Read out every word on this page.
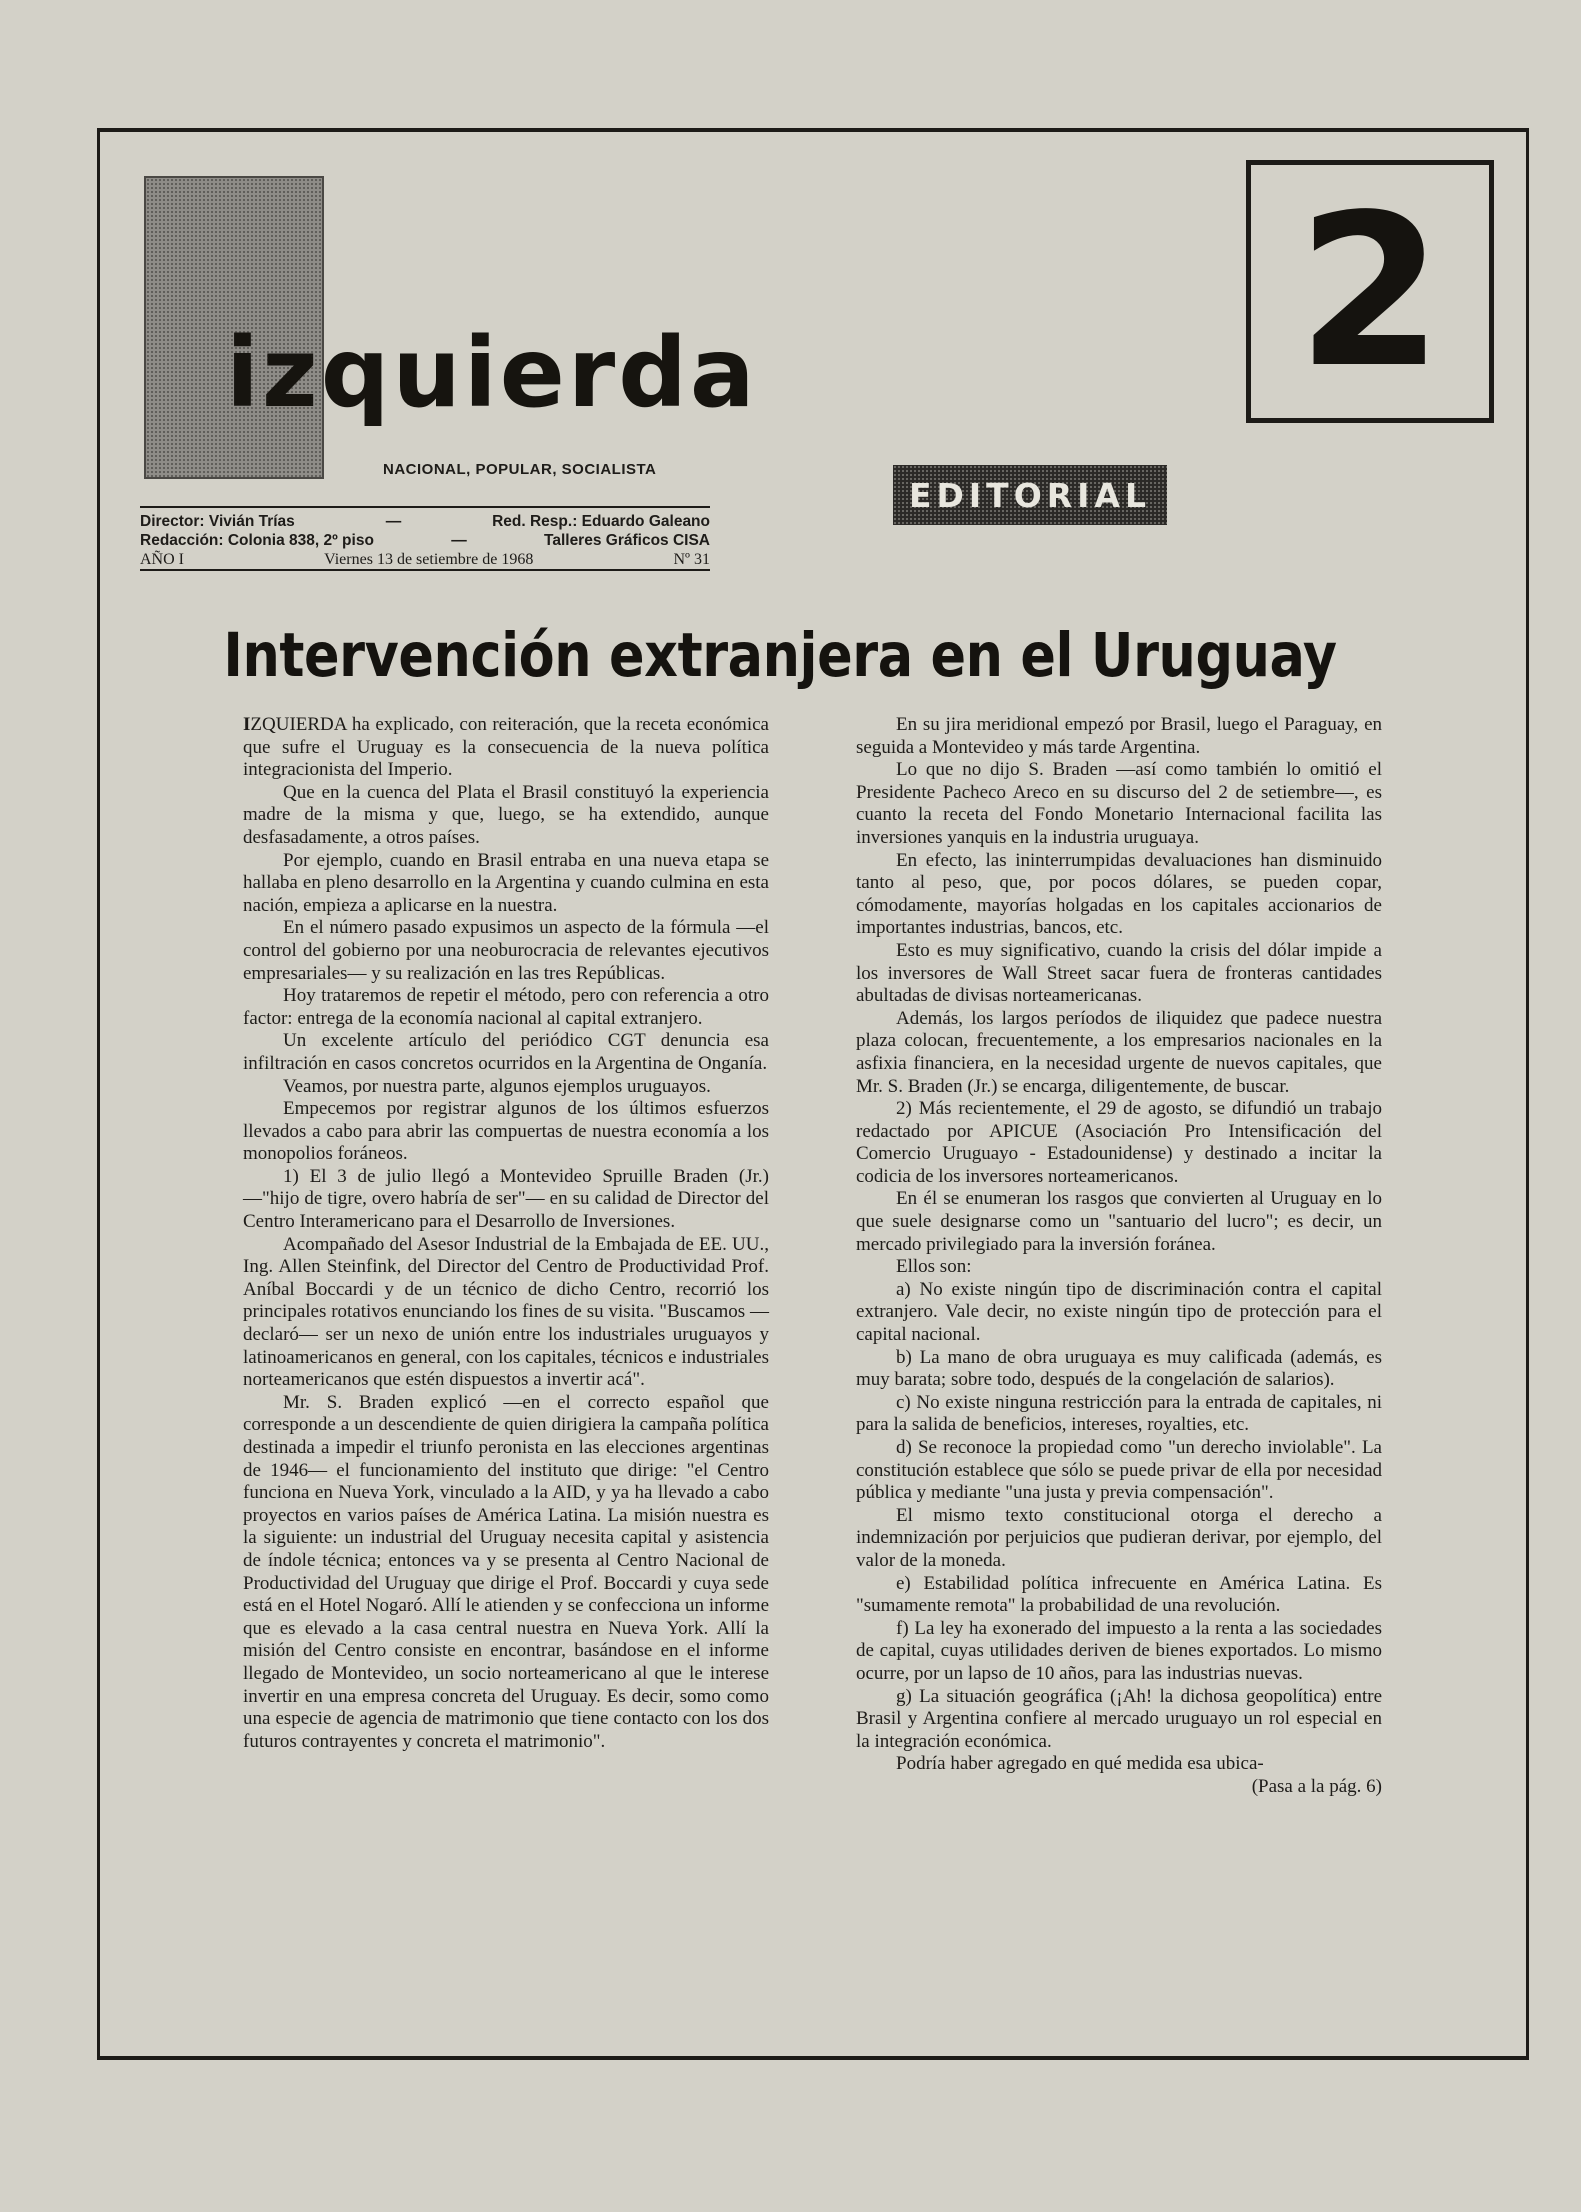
izquierda

NACIONAL, POPULAR, SOCIALISTA

Director: Vivián Trías	—	Red. Resp.: Eduardo Galeano
Redacción: Colonia 838, 2º piso	—	Talleres Gráficos CISA
AÑO I	Viernes 13 de setiembre de 1968	Nº 31
2
EDITORIAL
Intervención extranjera en el Uruguay

IZQUIERDA ha explicado, con reiteración, que la receta económica que sufre el Uruguay es la consecuencia de la nueva política integracionista del Imperio.

Que en la cuenca del Plata el Brasil constituyó la experiencia madre de la misma y que, luego, se ha extendido, aunque desfasadamente, a otros países.

Por ejemplo, cuando en Brasil entraba en una nueva etapa se hallaba en pleno desarrollo en la Argentina y cuando culmina en esta nación, empieza a aplicarse en la nuestra.

En el número pasado expusimos un aspecto de la fórmula —el control del gobierno por una neoburocracia de relevantes ejecutivos empresariales— y su realización en las tres Repúblicas.

Hoy trataremos de repetir el método, pero con referencia a otro factor: entrega de la economía nacional al capital extranjero.

Un excelente artículo del periódico CGT denuncia esa infiltración en casos concretos ocurridos en la Argentina de Onganía.

Veamos, por nuestra parte, algunos ejemplos uruguayos.

Empecemos por registrar algunos de los últimos esfuerzos llevados a cabo para abrir las compuertas de nuestra economía a los monopolios foráneos.

1) El 3 de julio llegó a Montevideo Spruille Braden (Jr.) —"hijo de tigre, overo habría de ser"— en su calidad de Director del Centro Interamericano para el Desarrollo de Inversiones.

Acompañado del Asesor Industrial de la Embajada de EE. UU., Ing. Allen Steinfink, del Director del Centro de Productividad Prof. Aníbal Boccardi y de un técnico de dicho Centro, recorrió los principales rotativos enunciando los fines de su visita. "Buscamos —declaró— ser un nexo de unión entre los industriales uruguayos y latinoamericanos en general, con los capitales, técnicos e industriales norteamericanos que estén dispuestos a invertir acá".

Mr. S. Braden explicó —en el correcto español que corresponde a un descendiente de quien dirigiera la campaña política destinada a impedir el triunfo peronista en las elecciones argentinas de 1946— el funcionamiento del instituto que dirige: "el Centro funciona en Nueva York, vinculado a la AID, y ya ha llevado a cabo proyectos en varios países de América Latina. La misión nuestra es la siguiente: un industrial del Uruguay necesita capital y asistencia de índole técnica; entonces va y se presenta al Centro Nacional de Productividad del Uruguay que dirige el Prof. Boccardi y cuya sede está en el Hotel Nogaró. Allí le atienden y se confecciona un informe que es elevado a la casa central nuestra en Nueva York. Allí la misión del Centro consiste en encontrar, basándose en el informe llegado de Montevideo, un socio norteamericano al que le interese invertir en una empresa concreta del Uruguay. Es decir, somo como una especie de agencia de matrimonio que tiene contacto con los dos futuros contrayentes y concreta el matrimonio".

En su jira meridional empezó por Brasil, luego el Paraguay, en seguida a Montevideo y más tarde Argentina.

Lo que no dijo S. Braden —así como también lo omitió el Presidente Pacheco Areco en su discurso del 2 de setiembre—, es cuanto la receta del Fondo Monetario Internacional facilita las inversiones yanquis en la industria uruguaya.

En efecto, las ininterrumpidas devaluaciones han disminuido tanto al peso, que, por pocos dólares, se pueden copar, cómodamente, mayorías holgadas en los capitales accionarios de importantes industrias, bancos, etc.

Esto es muy significativo, cuando la crisis del dólar impide a los inversores de Wall Street sacar fuera de fronteras cantidades abultadas de divisas norteamericanas.

Además, los largos períodos de iliquidez que padece nuestra plaza colocan, frecuentemente, a los empresarios nacionales en la asfixia financiera, en la necesidad urgente de nuevos capitales, que Mr. S. Braden (Jr.) se encarga, diligentemente, de buscar.

2) Más recientemente, el 29 de agosto, se difundió un trabajo redactado por APICUE (Asociación Pro Intensificación del Comercio Uruguayo - Estadounidense) y destinado a incitar la codicia de los inversores norteamericanos.

En él se enumeran los rasgos que convierten al Uruguay en lo que suele designarse como un "santuario del lucro"; es decir, un mercado privilegiado para la inversión foránea.

Ellos son:

a) No existe ningún tipo de discriminación contra el capital extranjero. Vale decir, no existe ningún tipo de protección para el capital nacional.

b) La mano de obra uruguaya es muy calificada (además, es muy barata; sobre todo, después de la congelación de salarios).

c) No existe ninguna restricción para la entrada de capitales, ni para la salida de beneficios, intereses, royalties, etc.

d) Se reconoce la propiedad como "un derecho inviolable". La constitución establece que sólo se puede privar de ella por necesidad pública y mediante "una justa y previa compensación".

El mismo texto constitucional otorga el derecho a indemnización por perjuicios que pudieran derivar, por ejemplo, del valor de la moneda.

e) Estabilidad política infrecuente en América Latina. Es "sumamente remota" la probabilidad de una revolución.

f) La ley ha exonerado del impuesto a la renta a las sociedades de capital, cuyas utilidades deriven de bienes exportados. Lo mismo ocurre, por un lapso de 10 años, para las industrias nuevas.

g) La situación geográfica (¡Ah! la dichosa geopolítica) entre Brasil y Argentina confiere al mercado uruguayo un rol especial en la integración económica.

Podría haber agregado en qué medida esa ubica-

(Pasa a la pág. 6)
